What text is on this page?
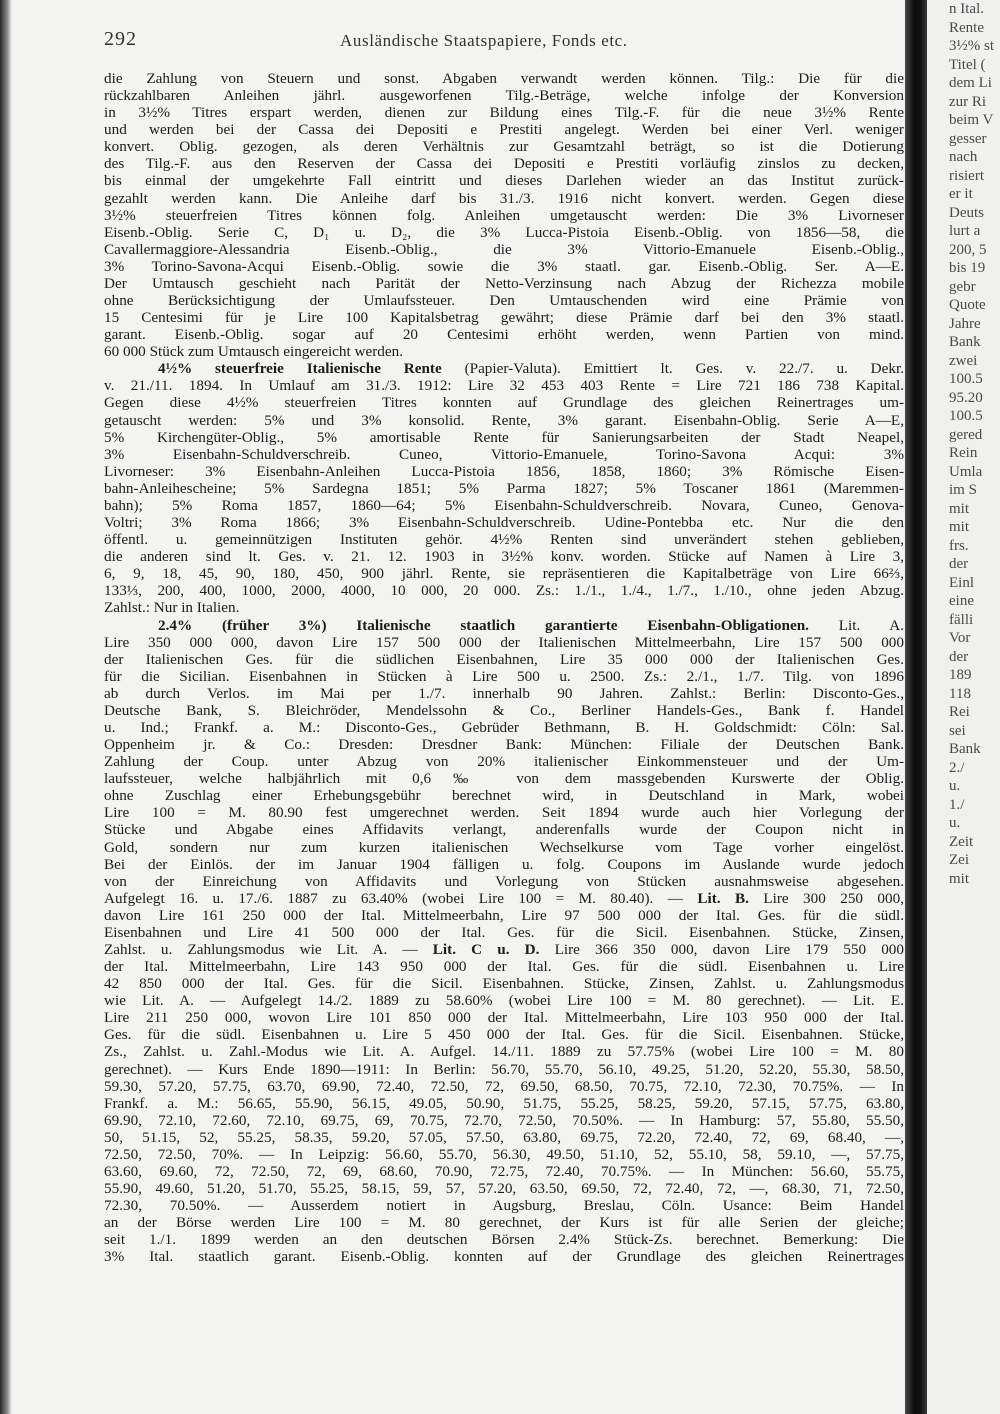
292	Ausländische Staatspapiere, Fonds etc.
die Zahlung von Steuern und sonst. Abgaben verwandt werden können. Tilg.: Die für die
rückzahlbaren Anleihen jährl. ausgeworfenen Tilg.-Beträge, welche infolge der Konversion
in 3½% Titres erspart werden, dienen zur Bildung eines Tilg.-F. für die neue 3½% Rente
und werden bei der Cassa dei Depositi e Prestiti angelegt. Werden bei einer Verl. weniger
konvert. Oblig. gezogen, als deren Verhältnis zur Gesamtzahl beträgt, so ist die Dotierung
des Tilg.-F. aus den Reserven der Cassa dei Depositi e Prestiti vorläufig zinslos zu decken,
bis einmal der umgekehrte Fall eintritt und dieses Darlehen wieder an das Institut zurück-
gezahlt werden kann. Die Anleihe darf bis 31./3. 1916 nicht konvert. werden. Gegen diese
3½% steuerfreien Titres können folg. Anleihen umgetauscht werden: Die 3% Livorneser
Eisenb.-Oblig. Serie C, D₁ u. D₂, die 3% Lucca-Pistoia Eisenb.-Oblig. von 1856—58, die
Cavallermaggiore-Alessandria Eisenb.-Oblig., die 3% Vittorio-Emanuele Eisenb.-Oblig.,
3% Torino-Savona-Acqui Eisenb.-Oblig. sowie die 3% staatl. gar. Eisenb.-Oblig. Ser. A—E.
Der Umtausch geschieht nach Parität der Netto-Verzinsung nach Abzug der Richezza mobile
ohne Berücksichtigung der Umlaufssteuer. Den Umtauschenden wird eine Prämie von
15 Centesimi für je Lire 100 Kapitalsbetrag gewährt; diese Prämie darf bei den 3% staatl.
garant. Eisenb.-Oblig. sogar auf 20 Centesimi erhöht werden, wenn Partien von mind.
60 000 Stück zum Umtausch eingereicht werden.
4½% steuerfreie Italienische Rente (Papier-Valuta). Emittiert lt. Ges. v. 22./7. u. Dekr.
v. 21./11. 1894. In Umlauf am 31./3. 1912: Lire 32 453 403 Rente = Lire 721 186 738 Kapital.
Gegen diese 4½% steuerfreien Titres konnten auf Grundlage des gleichen Reinertrages um-
getauscht werden: 5% und 3% konsolid. Rente, 3% garant. Eisenbahn-Oblig. Serie A—E,
5% Kirchengüter-Oblig., 5% amortisable Rente für Sanierungsarbeiten der Stadt Neapel,
3% Eisenbahn-Schuldverschreib. Cuneo, Vittorio-Emanuele, Torino-Savona Acqui: 3%
Livorneser: 3% Eisenbahn-Anleihen Lucca-Pistoia 1856, 1858, 1860; 3% Römische Eisen-
bahn-Anleihescheine; 5% Sardegna 1851; 5% Parma 1827; 5% Toscaner 1861 (Maremmen-
bahn); 5% Roma 1857, 1860—64; 5% Eisenbahn-Schuldverschreib. Novara, Cuneo, Genova-
Voltri; 3% Roma 1866; 3% Eisenbahn-Schuldverschreib. Udine-Pontebba etc. Nur die den
öffentl. u. gemeinnützigen Instituten gehör. 4½% Renten sind unverändert stehen geblieben,
die anderen sind lt. Ges. v. 21. 12. 1903 in 3½% konv. worden. Stücke auf Namen à Lire 3,
6, 9, 18, 45, 90, 180, 450, 900 jährl. Rente, sie repräsentieren die Kapitalbeträge von Lire 66⅔,
133⅓, 200, 400, 1000, 2000, 4000, 10 000, 20 000. Zs.: 1./1., 1./4., 1./7., 1./10., ohne jeden Abzug.
Zahlst.: Nur in Italien.
2.4% (früher 3%) Italienische staatlich garantierte Eisenbahn-Obligationen. Lit. A.
Lire 350 000 000, davon Lire 157 500 000 der Italienischen Mittelmeerbahn, Lire 157 500 000
der Italienischen Ges. für die südlichen Eisenbahnen, Lire 35 000 000 der Italienischen Ges.
für die Sicilian. Eisenbahnen in Stücken à Lire 500 u. 2500. Zs.: 2./1., 1./7. Tilg. von 1896
ab durch Verlos. im Mai per 1./7. innerhalb 90 Jahren. Zahlst.: Berlin: Disconto-Ges.,
Deutsche Bank, S. Bleichröder, Mendelssohn & Co., Berliner Handels-Ges., Bank f. Handel
u. Ind.; Frankf. a. M.: Disconto-Ges., Gebrüder Bethmann, B. H. Goldschmidt: Cöln: Sal.
Oppenheim jr. & Co.: Dresden: Dresdner Bank: München: Filiale der Deutschen Bank.
Zahlung der Coup. unter Abzug von 20% italienischer Einkommensteuer und der Um-
laufssteuer, welche halbjährlich mit 0,6‰ von dem massgebenden Kurswerte der Oblig.
ohne Zuschlag einer Erhebungsgebühr berechnet wird, in Deutschland in Mark, wobei
Lire 100 = M. 80.90 fest umgerechnet werden. Seit 1894 wurde auch hier Vorlegung der
Stücke und Abgabe eines Affidavits verlangt, anderenfalls wurde der Coupon nicht in
Gold, sondern nur zum kurzen italienischen Wechselkurse vom Tage vorher eingelöst.
Bei der Einlös. der im Januar 1904 fälligen u. folg. Coupons im Auslande wurde jedoch
von der Einreichung von Affidavits und Vorlegung von Stücken ausnahmsweise abgesehen.
Aufgelegt 16. u. 17./6. 1887 zu 63.40% (wobei Lire 100 = M. 80.40). — Lit. B. Lire 300 250 000,
davon Lire 161 250 000 der Ital. Mittelmeerbahn, Lire 97 500 000 der Ital. Ges. für die südl.
Eisenbahnen und Lire 41 500 000 der Ital. Ges. für die Sicil. Eisenbahnen. Stücke, Zinsen,
Zahlst. u. Zahlungsmodus wie Lit. A. — Lit. C u. D. Lire 366 350 000, davon Lire 179 550 000
der Ital. Mittelmeerbahn, Lire 143 950 000 der Ital. Ges. für die südl. Eisenbahnen u. Lire
42 850 000 der Ital. Ges. für die Sicil. Eisenbahnen. Stücke, Zinsen, Zahlst. u. Zahlungsmodus
wie Lit. A. — Aufgelegt 14./2. 1889 zu 58.60% (wobei Lire 100 = M. 80 gerechnet). — Lit. E.
Lire 211 250 000, wovon Lire 101 850 000 der Ital. Mittelmeerbahn, Lire 103 950 000 der Ital.
Ges. für die südl. Eisenbahnen u. Lire 5 450 000 der Ital. Ges. für die Sicil. Eisenbahnen. Stücke,
Zs., Zahlst. u. Zahl.-Modus wie Lit. A. Aufgel. 14./11. 1889 zu 57.75% (wobei Lire 100 = M. 80
gerechnet). — Kurs Ende 1890—1911: In Berlin: 56.70, 55.70, 56.10, 49.25, 51.20, 52.20, 55.30, 58.50,
59.30, 57.20, 57.75, 63.70, 69.90, 72.40, 72.50, 72, 69.50, 68.50, 70.75, 72.10, 72.30, 70.75%. — In
Frankf. a. M.: 56.65, 55.90, 56.15, 49.05, 50.90, 51.75, 55.25, 58.25, 59.20, 57.15, 57.75, 63.80,
69.90, 72.10, 72.60, 72.10, 69.75, 69, 70.75, 72.70, 72.50, 70.50%. — In Hamburg: 57, 55.80, 55.50,
50, 51.15, 52, 55.25, 58.35, 59.20, 57.05, 57.50, 63.80, 69.75, 72.20, 72.40, 72, 69, 68.40, —,
72.50, 72.50, 70%. — In Leipzig: 56.60, 55.70, 56.30, 49.50, 51.10, 52, 55.10, 58, 59.10, —, 57.75,
63.60, 69.60, 72, 72.50, 72, 69, 68.60, 70.90, 72.75, 72.40, 70.75%. — In München: 56.60, 55.75,
55.90, 49.60, 51.20, 51.70, 55.25, 58.15, 59, 57, 57.20, 63.50, 69.50, 72, 72.40, 72, —, 68.30, 71, 72.50,
72.30, 70.50%. — Ausserdem notiert in Augsburg, Breslau, Cöln. Usance: Beim Handel
an der Börse werden Lire 100 = M. 80 gerechnet, der Kurs ist für alle Serien der gleiche;
seit 1./1. 1899 werden an den deutschen Börsen 2.4% Stück-Zs. berechnet. Bemerkung: Die
3% Ital. staatlich garant. Eisenb.-Oblig. konnten auf der Grundlage des gleichen Reinertrages
n Ital.
Rente
3½% st
Titel (
dem Li
zur Ri
beim V
gesser
nach
risiert
er it
Deuts
lurt a
200, 5
bis 19
gebr
Quote
Jahre
Bank
zwei
100.5
95.20
100.5
gered
Rein
Umla
im S
mit
mit
frs.
der
Einl
eine
fälli
Vor
der
189
118
Rei
sei
Bank
2./
u.
1./
u.
Zeit
Zei
mit
